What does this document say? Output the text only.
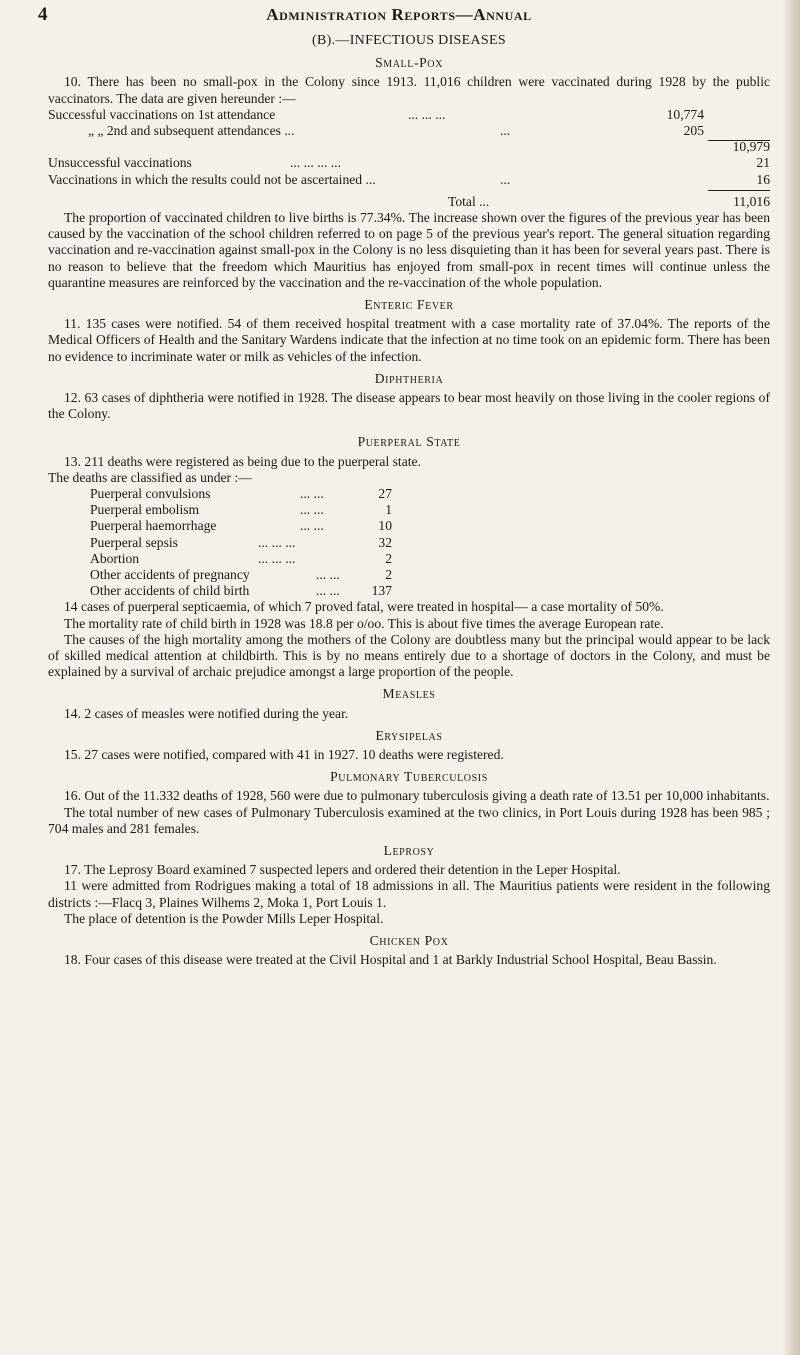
4	Administration Reports—Annual
(B).—INFECTIOUS DISEASES
Small-Pox

10. There has been no small-pox in the Colony since 1913. 11,016 children were vaccinated during 1928 by the public vaccinators. The data are given hereunder :—

Successful vaccinations on 1st attendance	... ... ...	10,774
„ „ 2nd and subsequent attendances ...	...	205
10,979
Unsuccessful vaccinations	... ... ... ...	21
Vaccinations in which the results could not be ascertained ...	...	16
Total ...	11,016

The proportion of vaccinated children to live births is 77.34%. The increase shown over the figures of the previous year has been caused by the vaccination of the school children referred to on page 5 of the previous year's report. The general situation regarding vaccination and re-vaccination against small-pox in the Colony is no less disquieting than it has been for several years past. There is no reason to believe that the freedom which Mauritius has enjoyed from small-pox in recent times will continue unless the quarantine measures are reinforced by the vaccination and the re-vaccination of the whole population.

Enteric Fever

11. 135 cases were notified. 54 of them received hospital treatment with a case mortality rate of 37.04%. The reports of the Medical Officers of Health and the Sanitary Wardens indicate that the infection at no time took on an epidemic form. There has been no evidence to incriminate water or milk as vehicles of the infection.

Diphtheria

12. 63 cases of diphtheria were notified in 1928. The disease appears to bear most heavily on those living in the cooler regions of the Colony.

Puerperal State

13. 211 deaths were registered as being due to the puerperal state.

The deaths are classified as under :—

Puerperal convulsions	... ...	27
Puerperal embolism	... ...	1
Puerperal haemorrhage	... ...	10
Puerperal sepsis	... ... ...	32
Abortion	... ... ...	2
Other accidents of pregnancy	... ...	2
Other accidents of child birth	... ... 137

14 cases of puerperal septicaemia, of which 7 proved fatal, were treated in hospital— a case mortality of 50%.

The mortality rate of child birth in 1928 was 18.8 per o/oo. This is about five times the average European rate.

The causes of the high mortality among the mothers of the Colony are doubtless many but the principal would appear to be lack of skilled medical attention at childbirth. This is by no means entirely due to a shortage of doctors in the Colony, and must be explained by a survival of archaic prejudice amongst a large proportion of the people.

Measles

14. 2 cases of measles were notified during the year.

Erysipelas

15. 27 cases were notified, compared with 41 in 1927. 10 deaths were registered.

Pulmonary Tuberculosis

16. Out of the 11.332 deaths of 1928, 560 were due to pulmonary tuberculosis giving a death rate of 13.51 per 10,000 inhabitants.

The total number of new cases of Pulmonary Tuberculosis examined at the two clinics, in Port Louis during 1928 has been 985 ; 704 males and 281 females.

Leprosy

17. The Leprosy Board examined 7 suspected lepers and ordered their detention in the Leper Hospital.

11 were admitted from Rodrigues making a total of 18 admissions in all. The Mauritius patients were resident in the following districts :—Flacq 3, Plaines Wilhems 2, Moka 1, Port Louis 1.

The place of detention is the Powder Mills Leper Hospital.

Chicken Pox

18. Four cases of this disease were treated at the Civil Hospital and 1 at Barkly Industrial School Hospital, Beau Bassin.
